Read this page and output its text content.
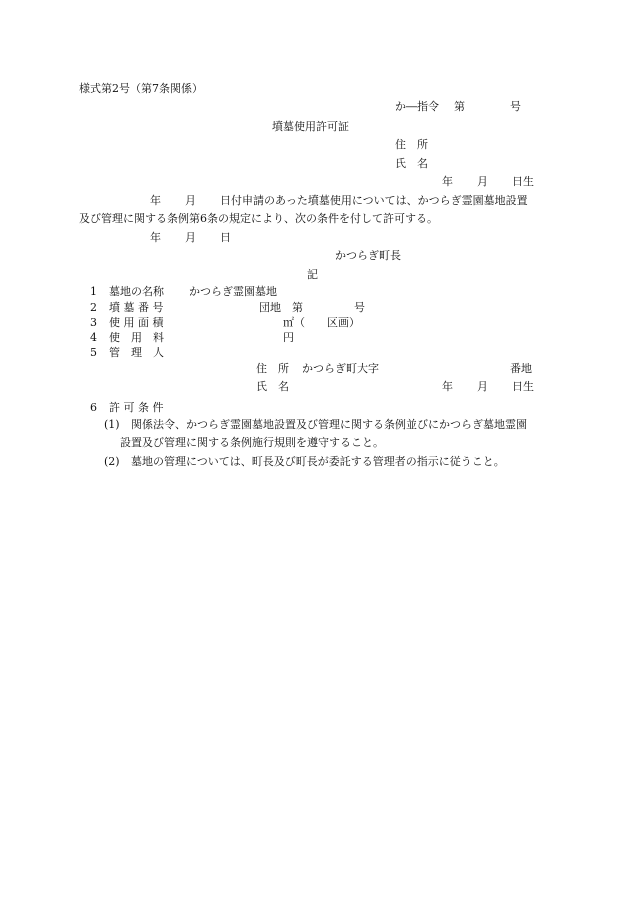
様式第2号（第7条関係）
か―指令 第	号
墳墓使用許可証
住　所
氏　名
年 月 日生
年 月 日付申請のあった墳墓使用については、かつらぎ霊園墓地設置
及び管理に関する条例第6条の規定により、次の条件を付して許可する。
年 月 日
かつらぎ町長
記
1 墓地の名称 かつらぎ霊園墓地
2 墳 墓 番 号	団地　第	号
3 使 用 面 積	㎡（　　区画）
4 使　用　料	円
5 管　理　人
住　所 かつらぎ町大字	番地
氏　名	年 月 日生
6 許 可 条 件
(1) 関係法令、かつらぎ霊園墓地設置及び管理に関する条例並びにかつらぎ墓地霊園
設置及び管理に関する条例施行規則を遵守すること。
(2) 墓地の管理については、町長及び町長が委託する管理者の指示に従うこと。
